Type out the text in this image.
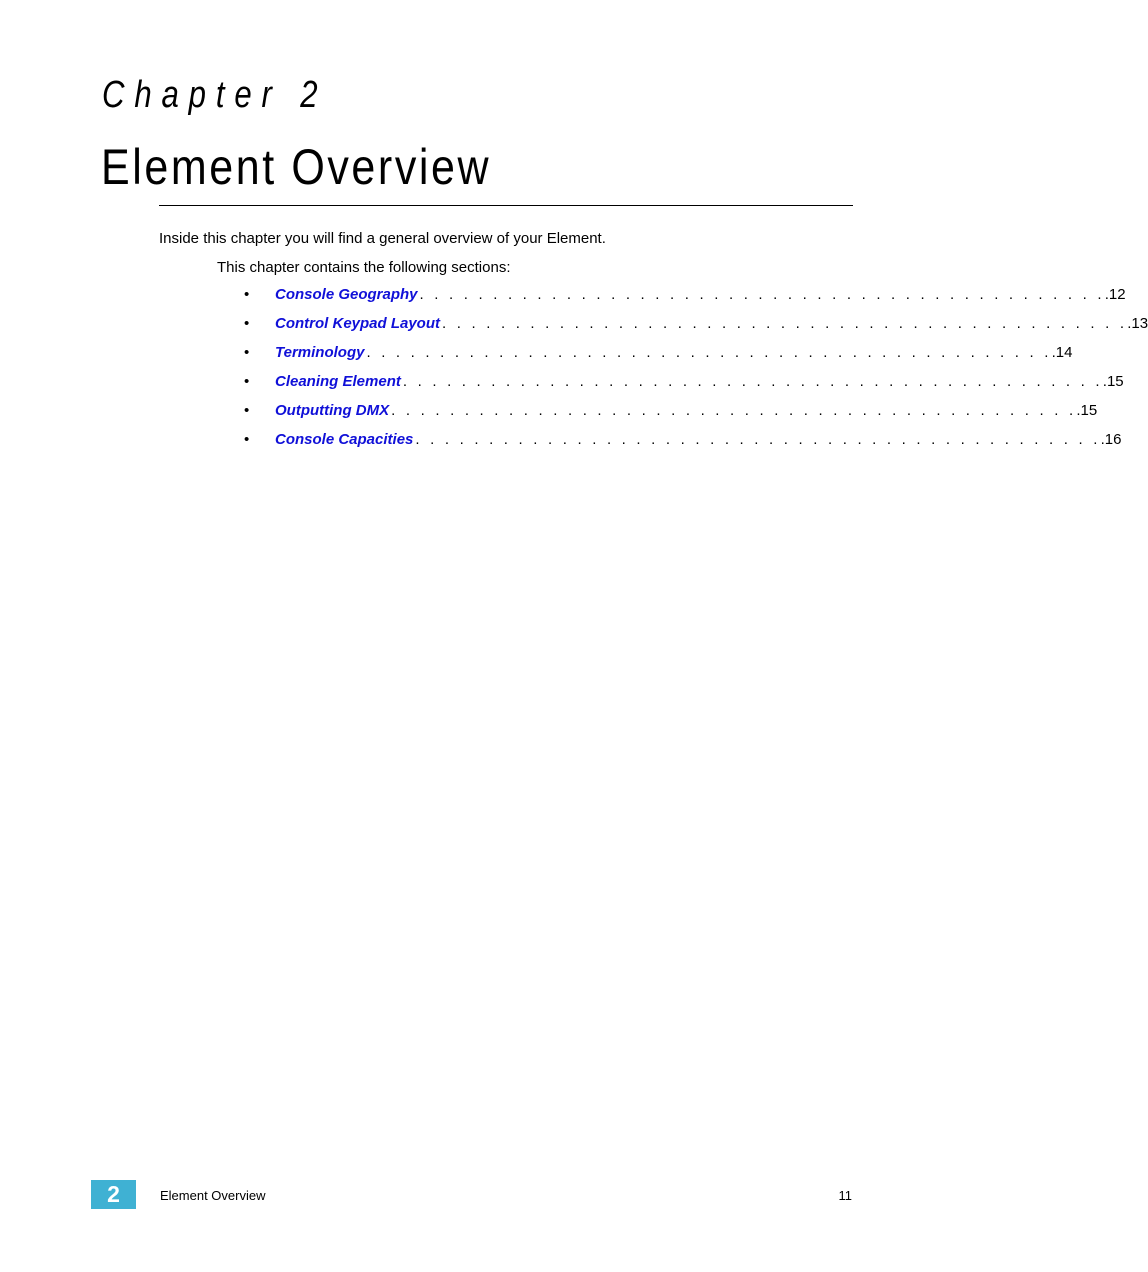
Chapter 2
Element Overview

Inside this chapter you will find a general overview of your Element.

This chapter contains the following sections:

•	Console Geography . . . . . . . . . . . . . . . . . . . . . . . . . . . . . . . . . . . . . . . . . . . . . . . .12
•	Control Keypad Layout . . . . . . . . . . . . . . . . . . . . . . . . . . . . . . . . . . . . . . . . . . . . . . . .13
•	Terminology . . . . . . . . . . . . . . . . . . . . . . . . . . . . . . . . . . . . . . . . . . . . . . . .14
•	Cleaning Element . . . . . . . . . . . . . . . . . . . . . . . . . . . . . . . . . . . . . . . . . . . . . . . . .15
•	Outputting DMX . . . . . . . . . . . . . . . . . . . . . . . . . . . . . . . . . . . . . . . . . . . . . . . .15
•	Console Capacities . . . . . . . . . . . . . . . . . . . . . . . . . . . . . . . . . . . . . . . . . . . . . . . .16
2	Element Overview	11
